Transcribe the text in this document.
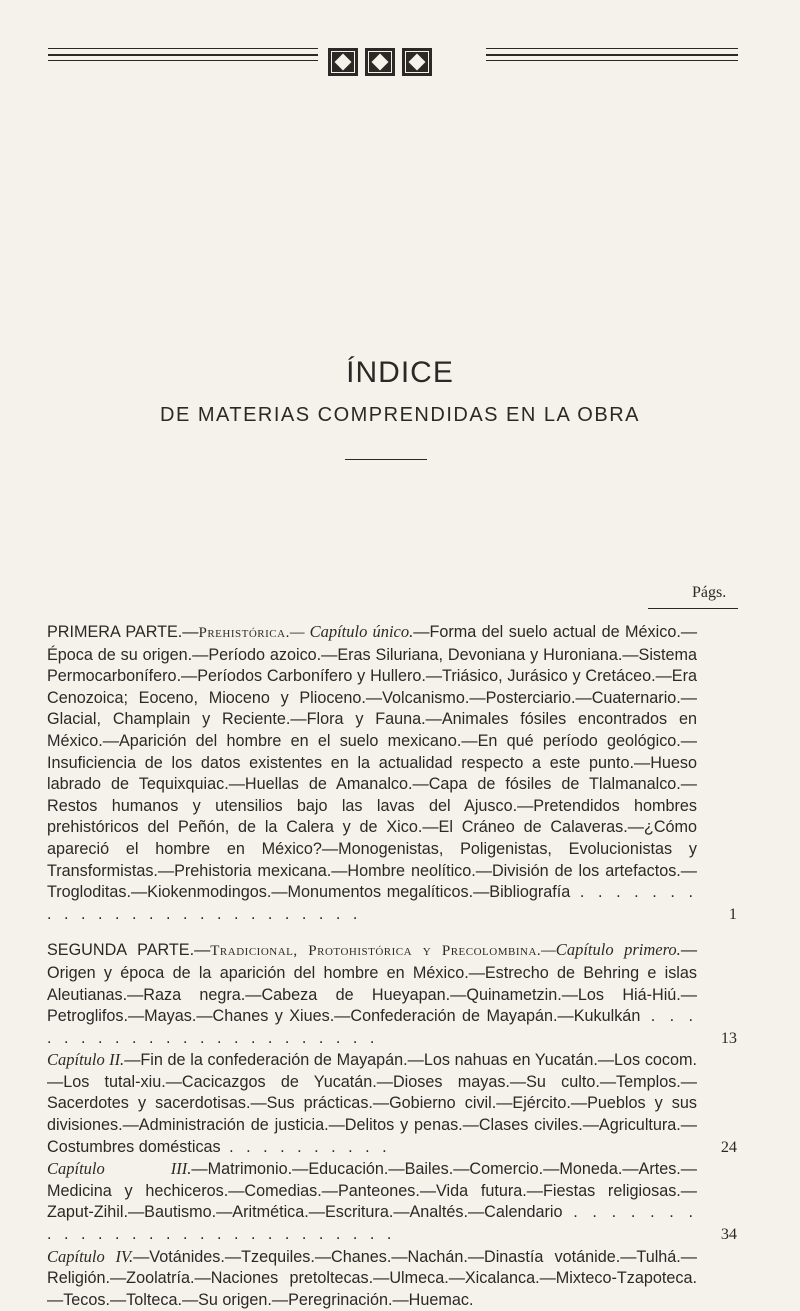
ÍNDICE
DE MATERIAS COMPRENDIDAS EN LA OBRA
Págs.
PRIMERA PARTE.—Prehistórica.— Capítulo único.—Forma del suelo actual de México.—Época de su origen.—Período azoico.—Eras Siluriana, Devoniana y Huroniana.—Sistema Permocarbonífero.—Períodos Carbonífero y Hullero.—Triásico, Jurásico y Cretáceo.—Era Cenozoica; Eoceno, Mioceno y Plioceno.—Volcanismo.—Posterciario.—Cuaternario.—Glacial, Champlain y Reciente.—Flora y Fauna.—Animales fósiles encontrados en México.—Aparición del hombre en el suelo mexicano.—En qué período geológico.—Insuficiencia de los datos existentes en la actualidad respecto a este punto.—Hueso labrado de Tequixquiac.—Huellas de Amanalco.—Capa de fósiles de Tlalmanalco.—Restos humanos y utensilios bajo las lavas del Ajusco.—Pretendidos hombres prehistóricos del Peñón, de la Calera y de Xico.—El Cráneo de Calaveras.—¿Cómo apareció el hombre en México?—Monogenistas, Poligenistas, Evolucionistas y Transformistas.—Prehistoria mexicana.—Hombre neolítico.—División de los artefactos.—Trogloditas.—Kiokenmodingos.—Monumentos megalíticos.—Bibliografía . . . . . . . . . . . . . . . . . . . . . . . . . .	1
SEGUNDA PARTE.—Tradicional, Protohistórica y Precolombina.—Capítulo primero.—Origen y época de la aparición del hombre en México.—Estrecho de Behring e islas Aleutianas.—Raza negra.—Cabeza de Hueyapan.—Quinametzin.—Los Hiá-Hiú.—Petroglifos.—Mayas.—Chanes y Xiues.—Confederación de Mayapán.—Kukulkán . . . . . . . . . . . . . . . . . . . . . . .	13
Capítulo II.—Fin de la confederación de Mayapán.—Los nahuas en Yucatán.—Los cocom.—Los tutal-xiu.—Cacicazgos de Yucatán.—Dioses mayas.—Su culto.—Templos.—Sacerdotes y sacerdotisas.—Sus prácticas.—Gobierno civil.—Ejército.—Pueblos y sus divisiones.—Administración de justicia.—Delitos y penas.—Clases civiles.—Agricultura.—Costumbres domésticas . . . . . . . . . .	24
Capítulo III.—Matrimonio.—Educación.—Bailes.—Comercio.—Moneda.—Artes.—Medicina y hechiceros.—Comedias.—Panteones.—Vida futura.—Fiestas religiosas.—Zaput-Zihil.—Bautismo.—Aritmética.—Escritura.—Analtés.—Calendario . . . . . . . . . . . . . . . . . . . . . . . . . . . .	34
Capítulo IV.—Votánides.—Tzequiles.—Chanes.—Nachán.—Dinastía votánide.—Tulhá.—Religión.—Zoolatría.—Naciones pretoltecas.—Ulmeca.—Xicalanca.—Mixteco-Tzapoteca.—Tecos.—Tolteca.—Su origen.—Peregrinación.—Huemac.
